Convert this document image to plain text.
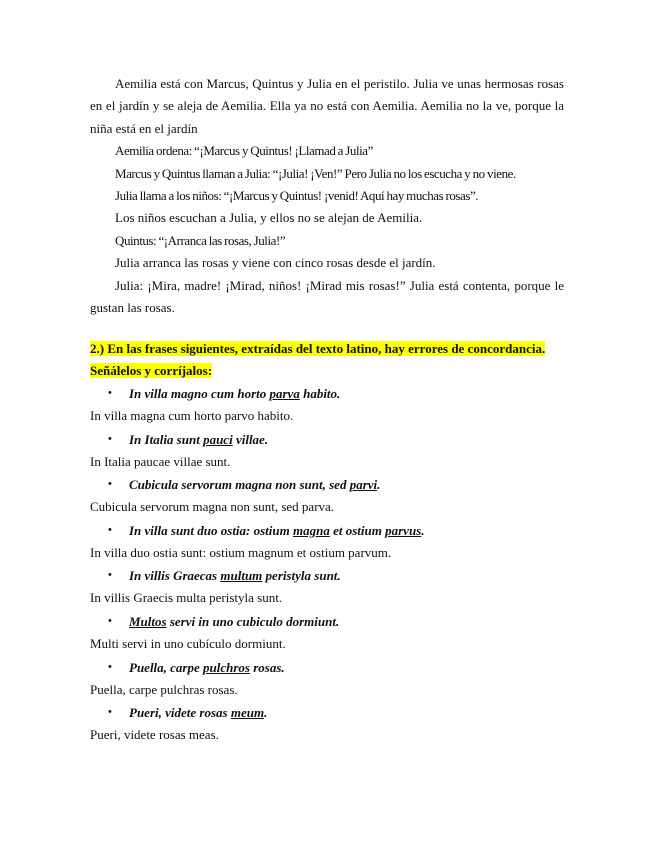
Aemilia está con Marcus, Quintus y Julia en el peristilo. Julia ve unas hermosas rosas en el jardín y se aleja de Aemilia. Ella ya no está con Aemilia. Aemilia no la ve, porque la niña está en el jardín

Aemilia ordena: “¡Marcus y Quintus! ¡Llamad a Julia”

Marcus y Quintus llaman a Julia: “¡Julia! ¡Ven!” Pero Julia no los escucha y no viene.

Julia llama a los niños: “¡Marcus y Quintus! ¡venid! Aquí hay muchas rosas”.

Los niños escuchan a Julia, y ellos no se alejan de Aemilia.

Quintus: “¡Arranca las rosas, Julia!”

Julia arranca las rosas y viene con cinco rosas desde el jardín.

Julia: ¡Mira, madre! ¡Mirad, niños! ¡Mirad mis rosas!” Julia está contenta, porque le

gustan las rosas.

2.) En las frases siguientes, extraídas del texto latino, hay errores de concordancia.
Señálelos y corríjalos:

• In villa magno cum horto parva habito.
In villa magna cum horto parvo habito.
• In Italia sunt pauci villae.
In Italia paucae villae sunt.
• Cubicula servorum magna non sunt, sed parvi.
Cubicula servorum magna non sunt, sed parva.
• In villa sunt duo ostia: ostium magna et ostium parvus.
In villa duo ostia sunt: ostium magnum et ostium parvum.
• In villis Graecas multum peristyla sunt.
In villis Graecis multa peristyla sunt.
• Multos servi in uno cubiculo dormiunt.
Multi servi in uno cubículo dormiunt.
• Puella, carpe pulchros rosas.
Puella, carpe pulchras rosas.
• Pueri, videte rosas meum.
Pueri, videte rosas meas.
